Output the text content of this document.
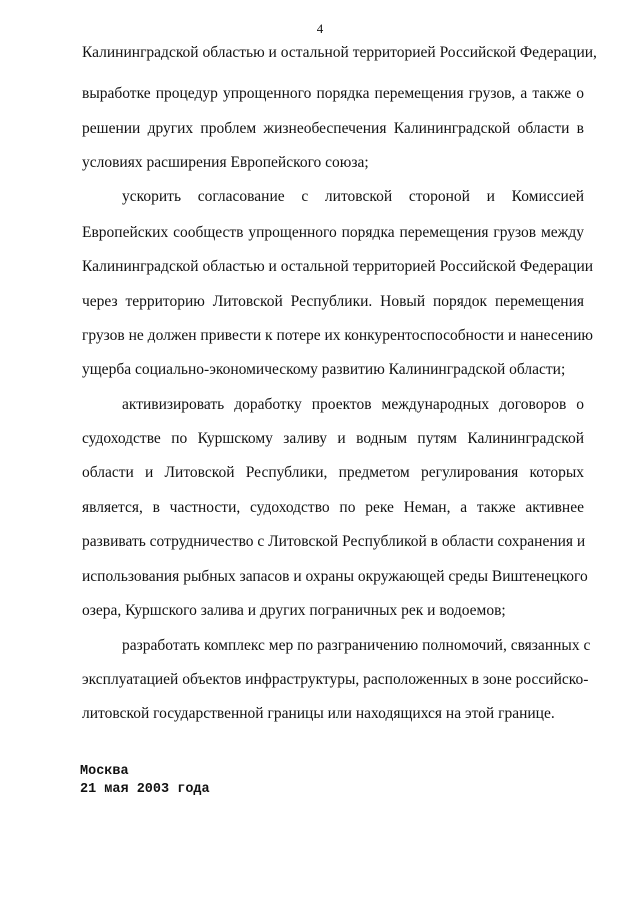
4
Калининградской областью и остальной территорией Российской Федерации,
выработке процедур упрощенного порядка перемещения грузов, а также о
решении других проблем жизнеобеспечения Калининградской области в
условиях расширения Европейского союза;
ускорить согласование с литовской стороной и Комиссией
Европейских сообществ упрощенного порядка перемещения грузов между
Калининградской областью и остальной территорией Российской Федерации
через территорию Литовской Республики. Новый порядок перемещения
грузов не должен привести к потере их конкурентоспособности и нанесению
ущерба социально-экономическому развитию Калининградской области;
активизировать доработку проектов международных договоров о
судоходстве по Куршскому заливу и водным путям Калининградской
области и Литовской Республики, предметом регулирования которых
является, в частности, судоходство по реке Неман, а также активнее
развивать сотрудничество с Литовской Республикой в области сохранения и
использования рыбных запасов и охраны окружающей среды Виштенецкого
озера, Куршского залива и других пограничных рек и водоемов;
разработать комплекс мер по разграничению полномочий, связанных с
эксплуатацией объектов инфраструктуры, расположенных в зоне российско-
литовской государственной границы или находящихся на этой границе.
Москва
21 мая 2003 года
